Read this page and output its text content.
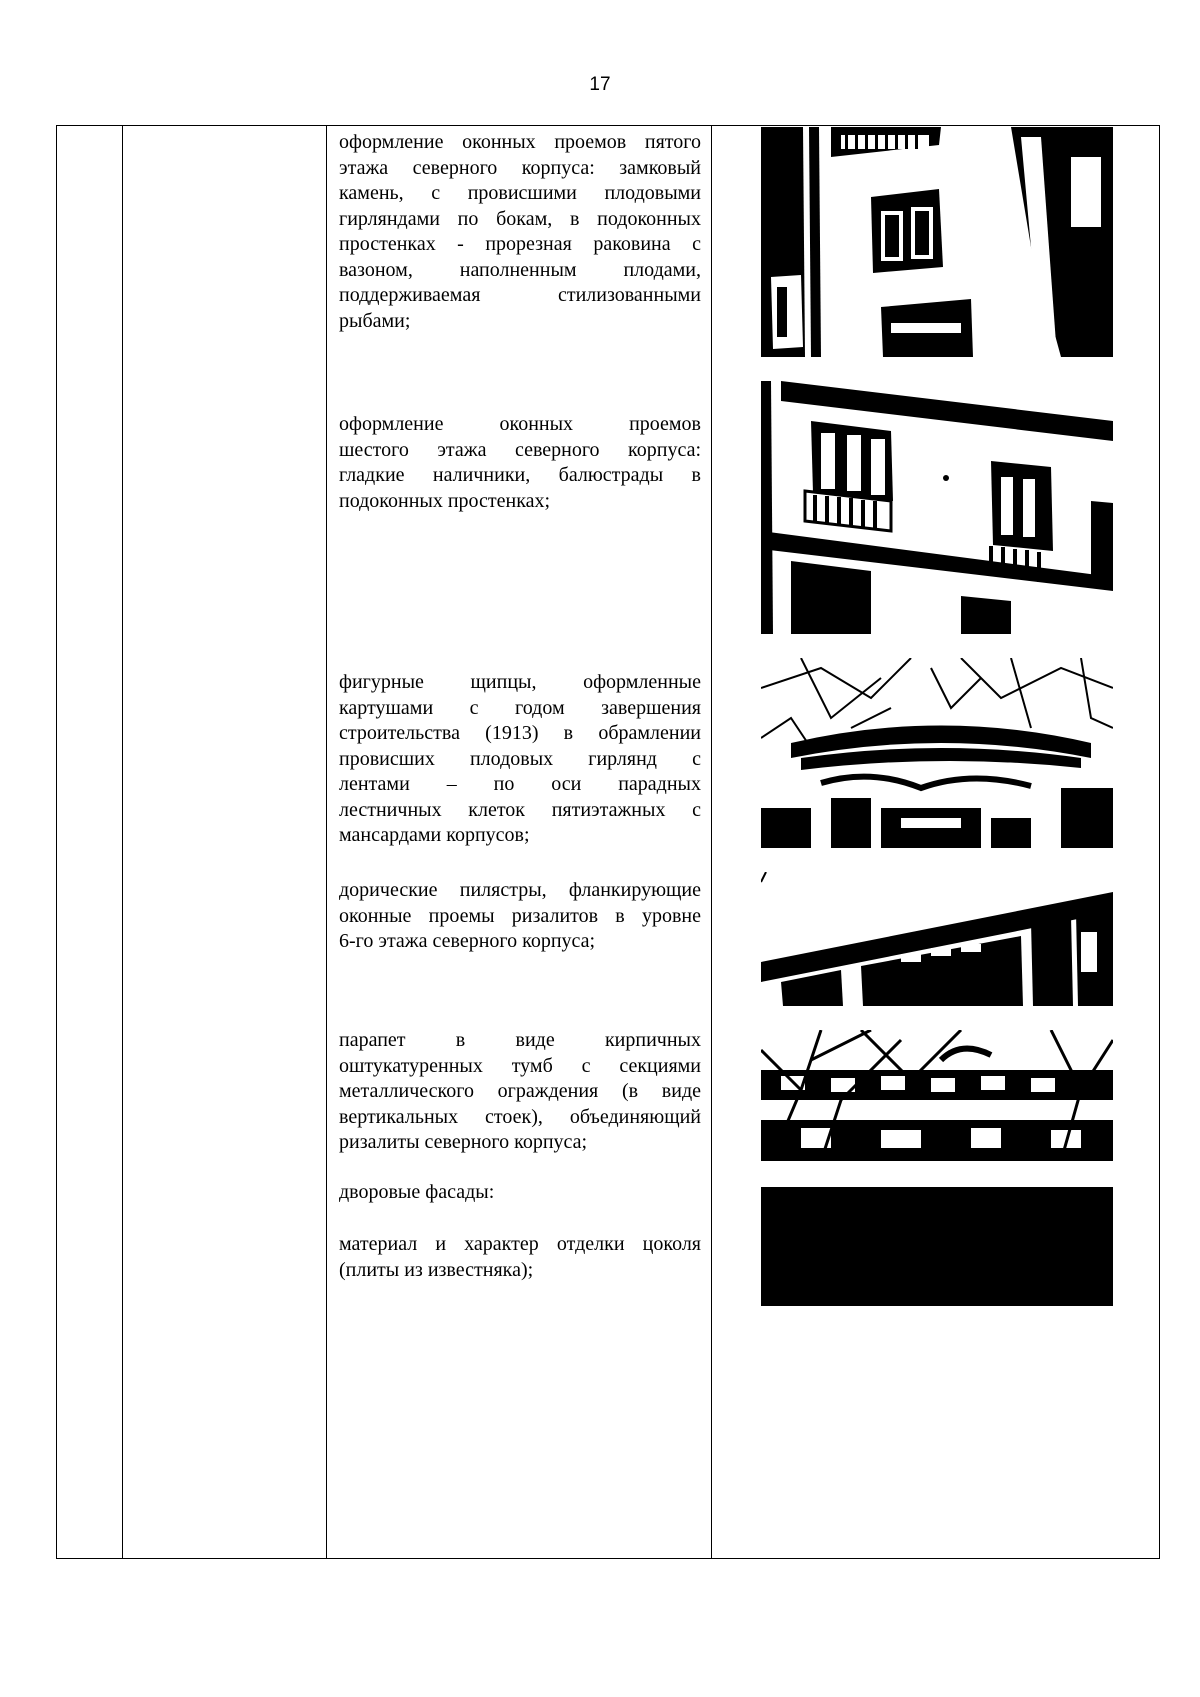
17
оформление оконных проемов пятого
этажа северного корпуса: замковый
камень, с провисшими плодовыми
гирляндами по бокам, в подоконных
простенках - прорезная раковина с
вазоном, наполненным плодами,
поддерживаемая стилизованными
рыбами;
оформление оконных проемов
шестого этажа северного корпуса:
гладкие наличники, балюстрады в
подоконных простенках;
фигурные щипцы, оформленные
картушами с годом завершения
строительства (1913) в обрамлении
провисших плодовых гирлянд с
лентами – по оси парадных
лестничных клеток пятиэтажных с
мансардами корпусов;
дорические пилястры, фланкирующие
оконные проемы ризалитов в уровне
6-го этажа северного корпуса;
парапет в виде кирпичных
оштукатуренных тумб с секциями
металлического ограждения (в виде
вертикальных стоек), объединяющий
ризалиты северного корпуса;
дворовые фасады:
материал и характер отделки цоколя
(плиты из известняка);
